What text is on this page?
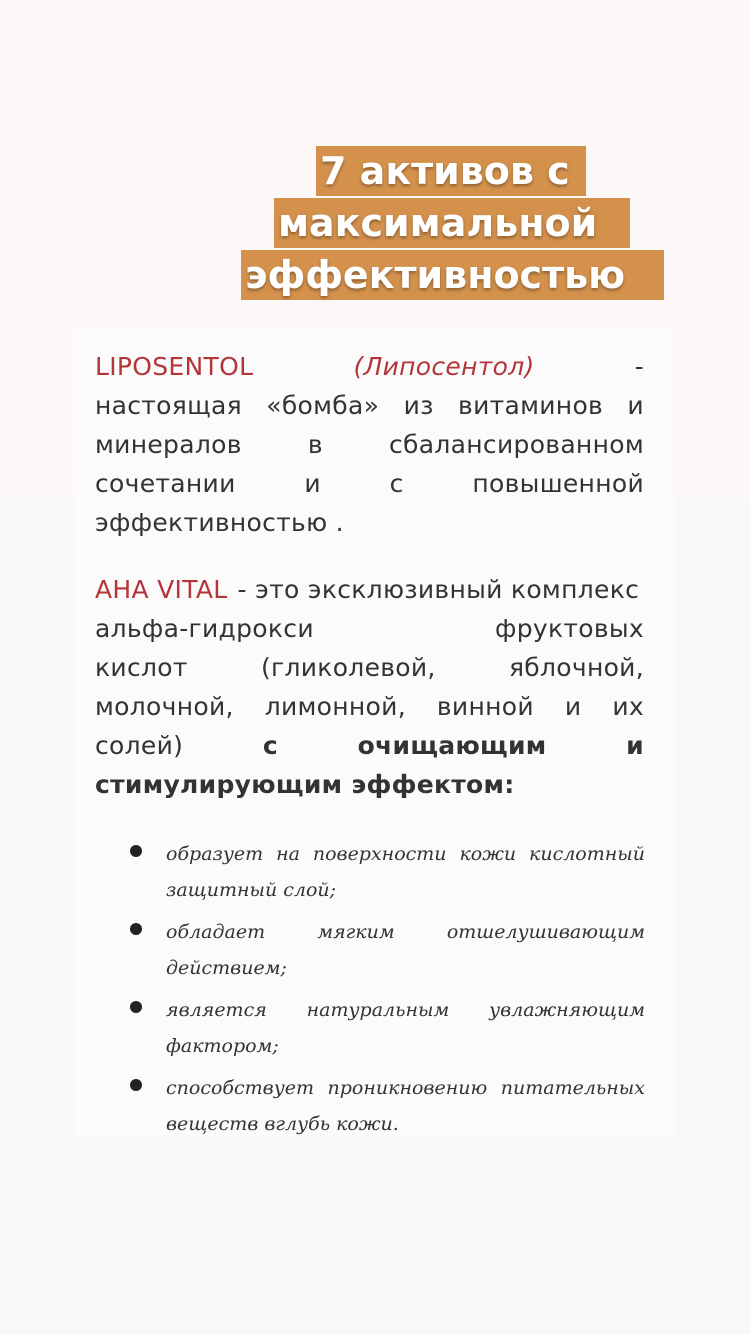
7 активов с
максимальной
эффективностью
LIPOSENTOL	(Липосентол)	-
настоящая «бомба» из витаминов и
минералов	в	сбалансированном
сочетании	и	с	повышенной
эффективностью .
AHA VITAL - это эксклюзивный комплекс
альфа-гидрокси	фруктовых
кислот	(гликолевой,	яблочной,
молочной, лимонной, винной и их
солей)	с	очищающим	и
стимулирующим эффектом:
образует на поверхности кожи кислотный
защитный слой;
обладает	мягким	отшелушивающим
действием;
является натуральным увлажняющим
фактором;
способствует проникновению питательных
веществ вглубь кожи.
